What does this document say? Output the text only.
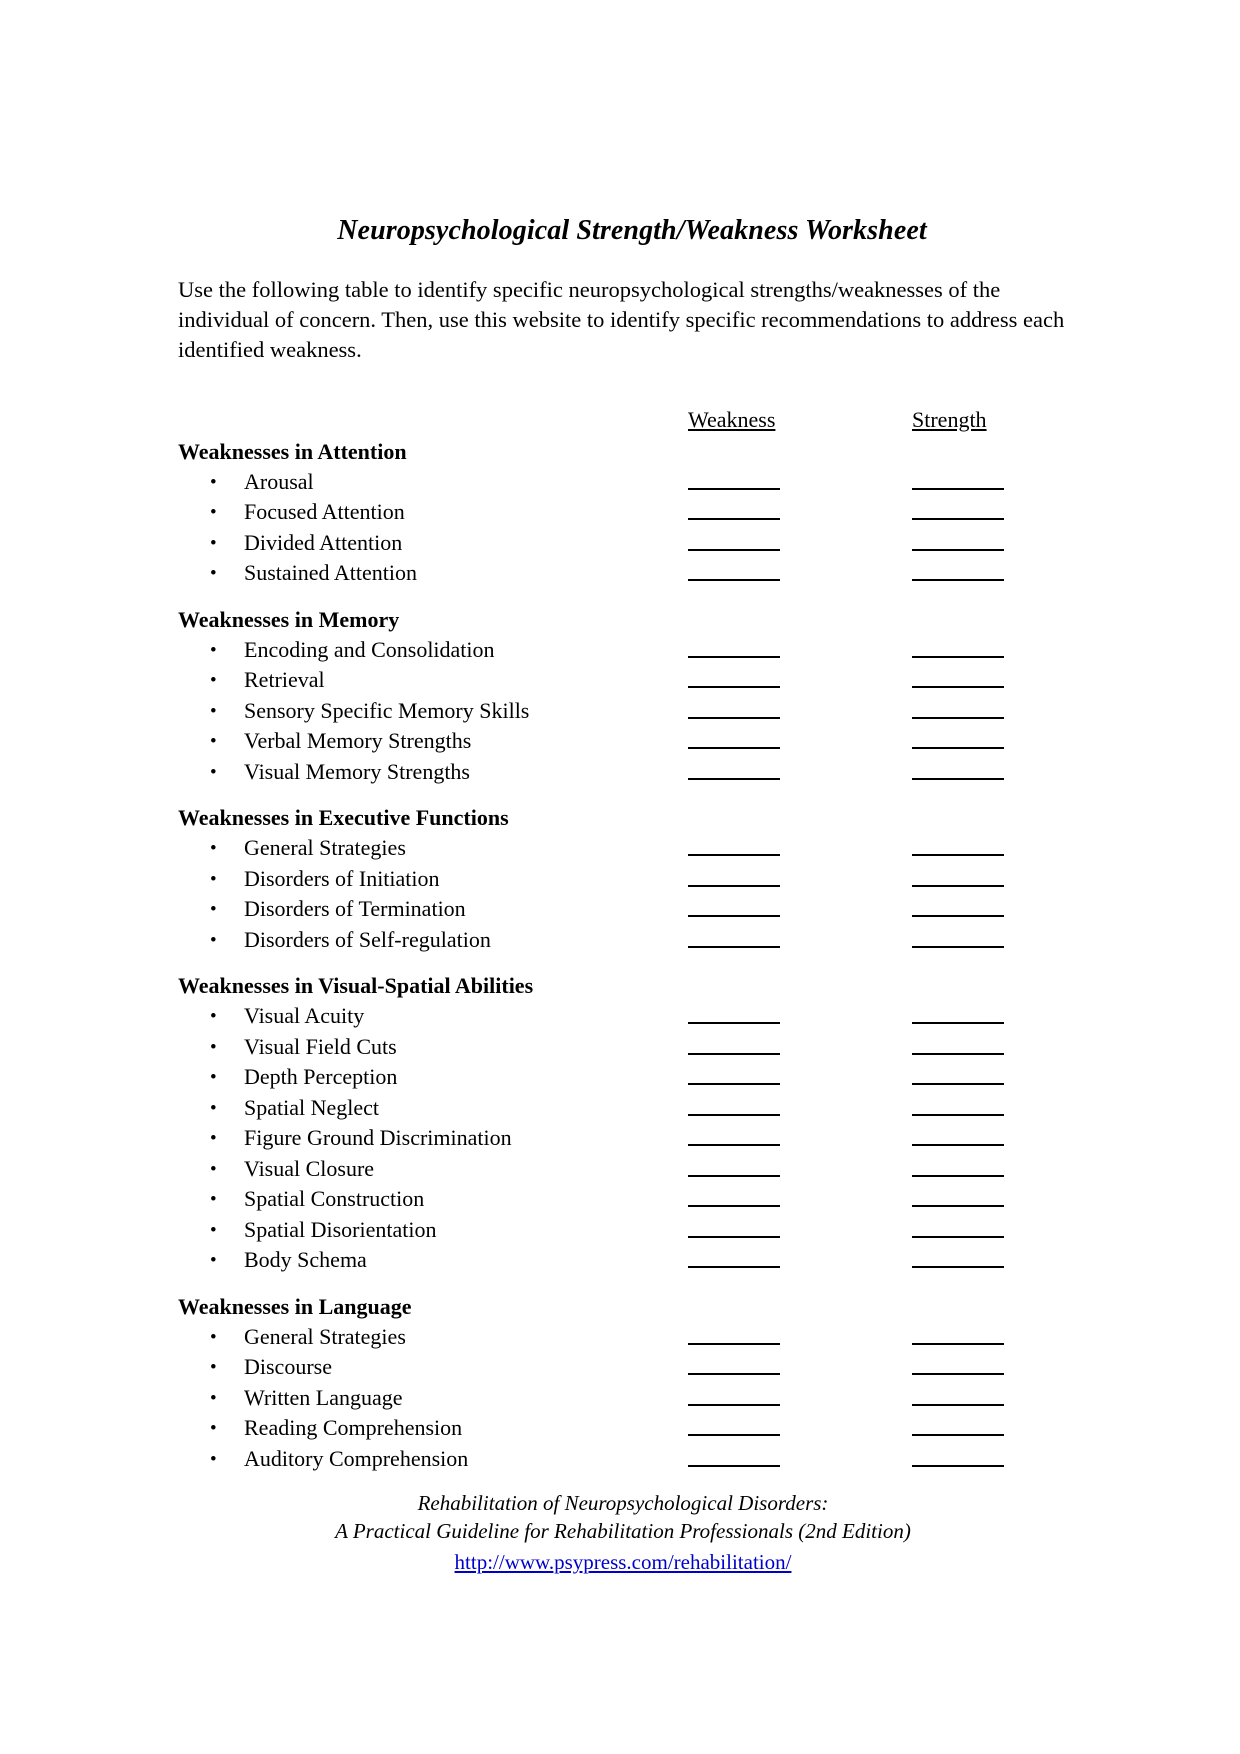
Neuropsychological Strength/Weakness Worksheet

Use the following table to identify specific neuropsychological strengths/weaknesses of the individual of concern. Then, use this website to identify specific recommendations to address each identified weakness.

Weakness	Strength
Weaknesses in Attention
• Arousal
• Focused Attention
• Divided Attention
• Sustained Attention
Weaknesses in Memory
• Encoding and Consolidation
• Retrieval
• Sensory Specific Memory Skills
• Verbal Memory Strengths
• Visual Memory Strengths
Weaknesses in Executive Functions
• General Strategies
• Disorders of Initiation
• Disorders of Termination
• Disorders of Self-regulation
Weaknesses in Visual-Spatial Abilities
• Visual Acuity
• Visual Field Cuts
• Depth Perception
• Spatial Neglect
• Figure Ground Discrimination
• Visual Closure
• Spatial Construction
• Spatial Disorientation
• Body Schema
Weaknesses in Language
• General Strategies
• Discourse
• Written Language
• Reading Comprehension
• Auditory Comprehension
Rehabilitation of Neuropsychological Disorders:
A Practical Guideline for Rehabilitation Professionals (2nd Edition)
http://www.psypress.com/rehabilitation/
